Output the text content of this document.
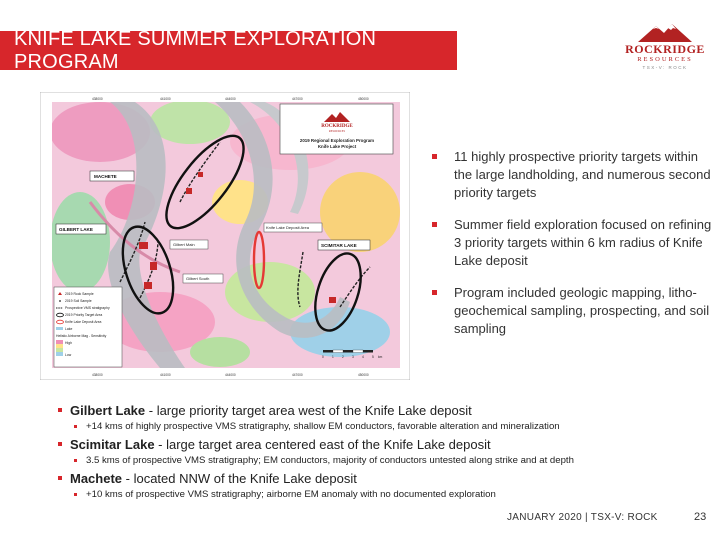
KNIFE LAKE SUMMER EXPLORATION PROGRAM
ROCKRIDGE
RESOURCES
TSX-V: ROCK
438000	441000	444000	447000	450000
438000	441000	444000	447000	450000
MACHETE
GILBERT LAKE
SCIMITAR LAKE
Gilbert Main
Gilbert South
Knife Lake Deposit Area
ROCKRIDGE
RESOURCES
2019 Regional Exploration Program
Knife Lake Project
2019 Rock Sample
2019 Soil Sample
Prospective VMS stratigraphy
2019 Priority Target Area
Knife Lake Deposit Area
Lake
Helistic Airborne Mag - Sensitivity
High
Low	0	1	2	3	4	5 km
11 highly prospective priority targets within the large landholding, and numerous second priority targets
Summer field exploration focused on refining 3 priority targets within 6 km radius of Knife Lake deposit
Program included geologic mapping, litho-geochemical sampling, prospecting, and soil sampling
Gilbert Lake - large priority target area west of the Knife Lake deposit
+14 kms of highly prospective VMS stratigraphy, shallow EM conductors, favorable alteration and mineralization
Scimitar Lake - large target area centered east of the Knife Lake deposit
3.5 kms of prospective VMS stratigraphy; EM conductors, majority of conductors untested along strike and at depth
Machete - located NNW of the Knife Lake deposit
+10 kms of prospective VMS stratigraphy; airborne EM anomaly with no documented exploration
JANUARY 2020 | TSX-V: ROCK	23
